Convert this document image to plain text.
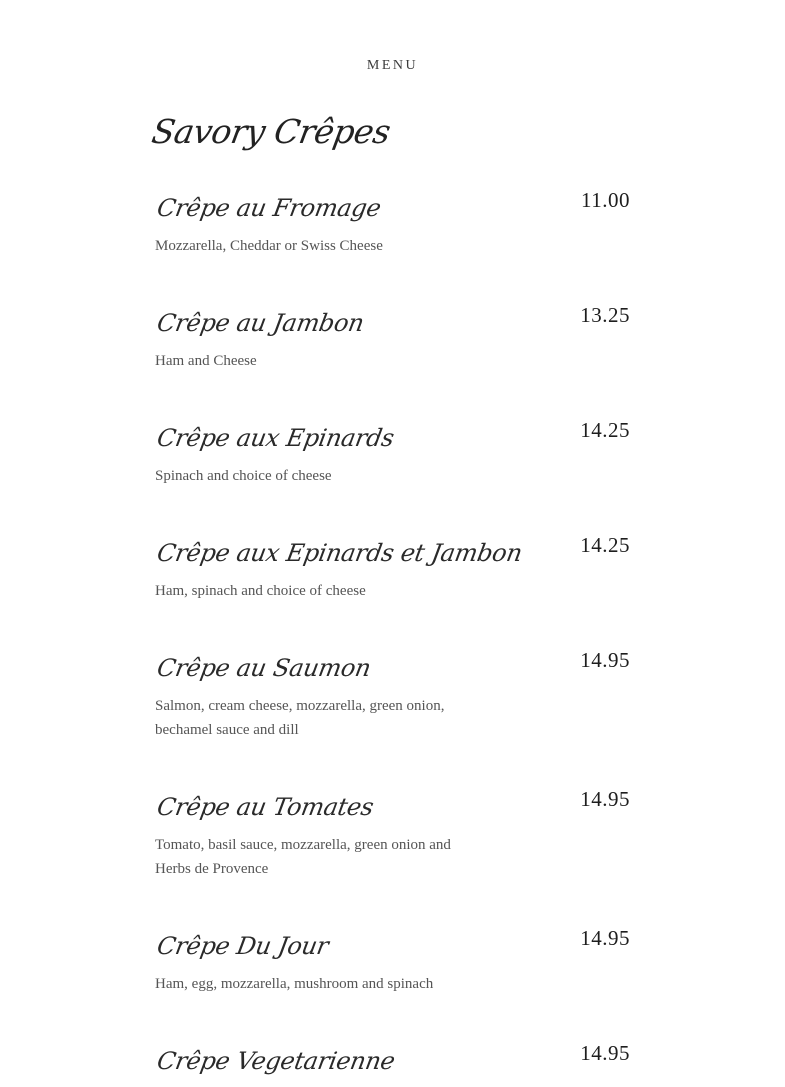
MENU
Savory Crêpes
Crêpe au Fromage	11.00
Mozzarella, Cheddar or Swiss Cheese
Crêpe au Jambon	13.25
Ham and Cheese
Crêpe aux Epinards	14.25
Spinach and choice of cheese
Crêpe aux Epinards et Jambon	14.25
Ham, spinach and choice of cheese
Crêpe au Saumon	14.95
Salmon, cream cheese, mozzarella, green onion, bechamel sauce and dill
Crêpe au Tomates	14.95
Tomato, basil sauce, mozzarella, green onion and Herbs de Provence
Crêpe Du Jour	14.95
Ham, egg, mozzarella, mushroom and spinach
Crêpe Vegetarienne	14.95
